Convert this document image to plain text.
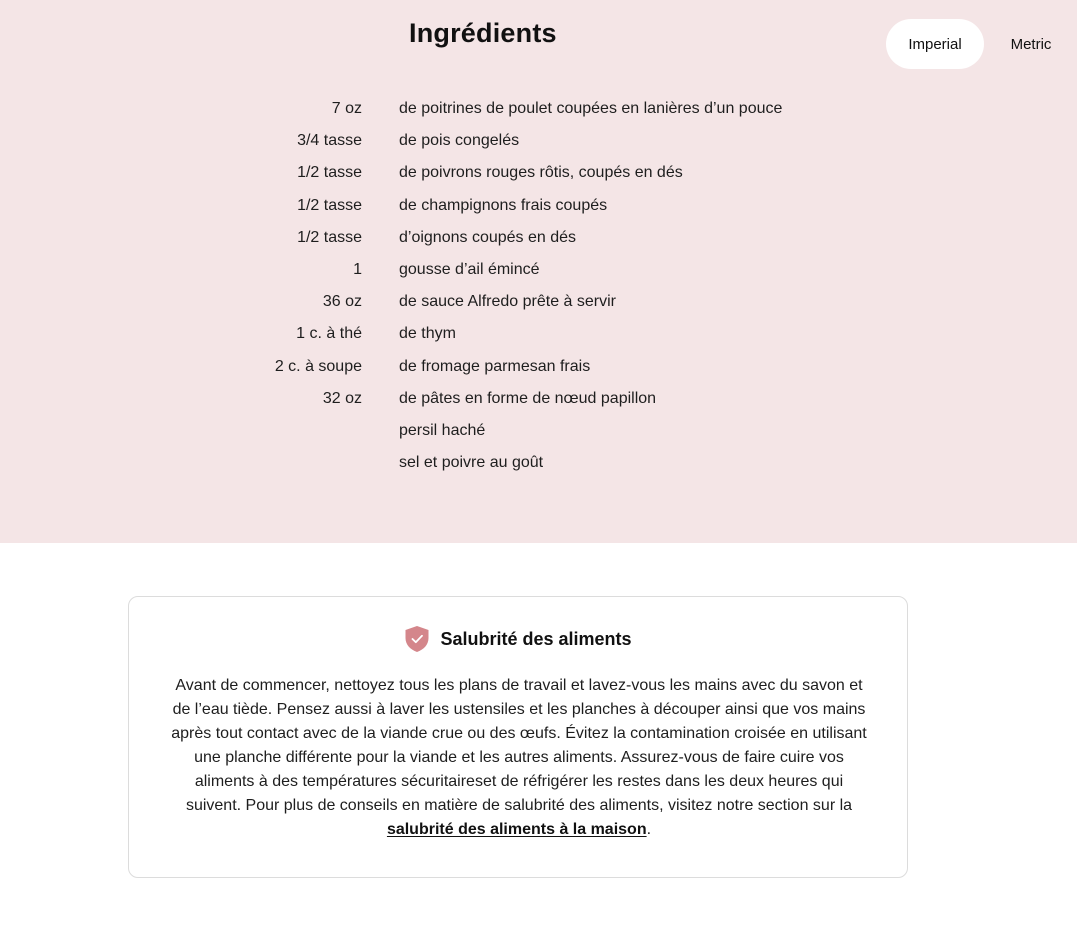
Ingrédients	Imperial	Metric
7 oz de poitrines de poulet coupées en lanières d’un pouce
3/4 tasse de pois congelés
1/2 tasse de poivrons rouges rôtis, coupés en dés
1/2 tasse de champignons frais coupés
1/2 tasse d’oignons coupés en dés
1 gousse d’ail émincé
36 oz de sauce Alfredo prête à servir
1 c. à thé de thym
2 c. à soupe de fromage parmesan frais
32 oz de pâtes en forme de nœud papillon
persil haché
sel et poivre au goût
Salubrité des aliments

Avant de commencer, nettoyez tous les plans de travail et lavez-vous les mains avec du savon et de l’eau tiède. Pensez aussi à laver les ustensiles et les planches à découper ainsi que vos mains après tout contact avec de la viande crue ou des œufs. Évitez la contamination croisée en utilisant une planche différente pour la viande et les autres aliments. Assurez-vous de faire cuire vos aliments à des températures sécuritaireset de réfrigérer les restes dans les deux heures qui suivent. Pour plus de conseils en matière de salubrité des aliments, visitez notre section sur la salubrité des aliments à la maison.
